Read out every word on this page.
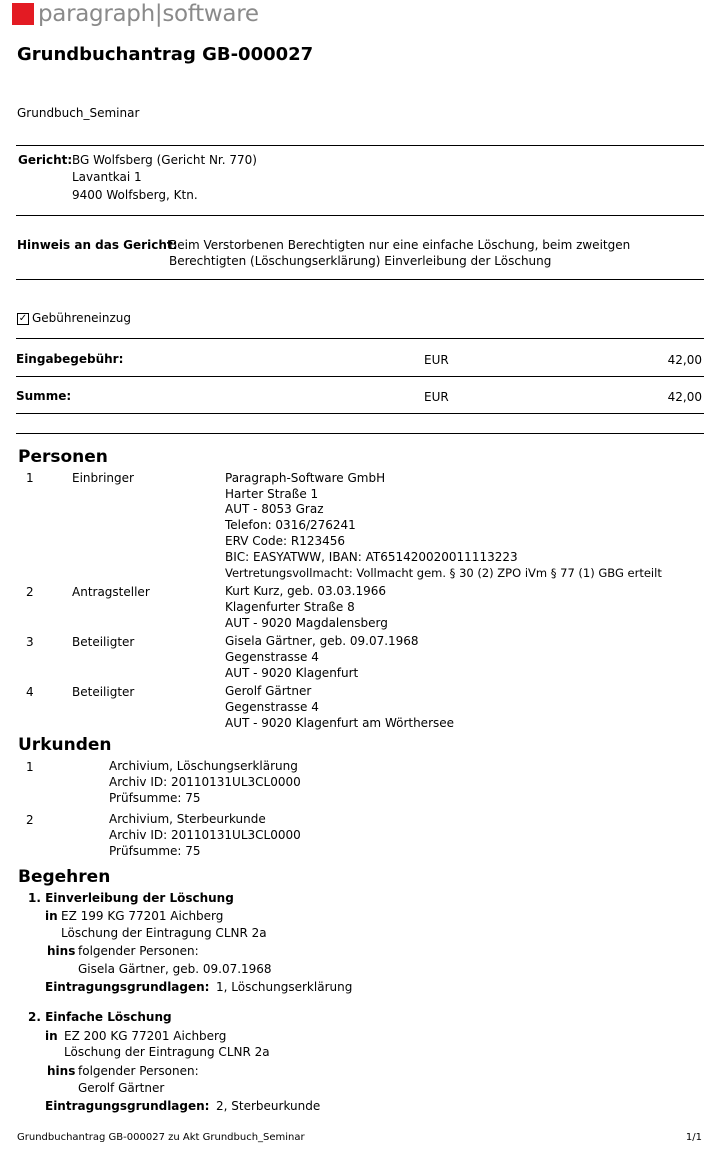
paragraph|software
Grundbuchantrag GB-000027
Grundbuch_Seminar
Gericht: BG Wolfsberg (Gericht Nr. 770)
Lavantkai 1
9400 Wolfsberg, Ktn.
Hinweis an das Gericht:
Beim Verstorbenen Berechtigten nur eine einfache Löschung, beim zweitgen
Berechtigten (Löschungserklärung) Einverleibung der Löschung
✓ Gebühreneinzug
Eingabegebühr:	EUR	42,00
Summe:	EUR	42,00
Personen
1	Einbringer	Paragraph-Software GmbH
Harter Straße 1
AUT - 8053 Graz
Telefon: 0316/276241
ERV Code: R123456
BIC: EASYATWW, IBAN: AT651420020011113223
Vertretungsvollmacht: Vollmacht gem. § 30 (2) ZPO iVm § 77 (1) GBG erteilt
2	Antragsteller	Kurt Kurz, geb. 03.03.1966
Klagenfurter Straße 8
AUT - 9020 Magdalensberg
3	Beteiligter	Gisela Gärtner, geb. 09.07.1968
Gegenstrasse 4
AUT - 9020 Klagenfurt
4	Beteiligter	Gerolf Gärtner
Gegenstrasse 4
AUT - 9020 Klagenfurt am Wörthersee
Urkunden
1	Archivium, Löschungserklärung
Archiv ID: 20110131UL3CL0000
Prüfsumme: 75
2	Archivium, Sterbeurkunde
Archiv ID: 20110131UL3CL0000
Prüfsumme: 75
Begehren
1. Einverleibung der Löschung
in EZ 199 KG 77201 Aichberg
Löschung der Eintragung CLNR 2a
hins folgender Personen:
Gisela Gärtner, geb. 09.07.1968
Eintragungsgrundlagen: 1, Löschungserklärung
2. Einfache Löschung
in EZ 200 KG 77201 Aichberg
Löschung der Eintragung CLNR 2a
hins folgender Personen:
Gerolf Gärtner
Eintragungsgrundlagen: 2, Sterbeurkunde
Grundbuchantrag GB-000027 zu Akt Grundbuch_Seminar	1/1
